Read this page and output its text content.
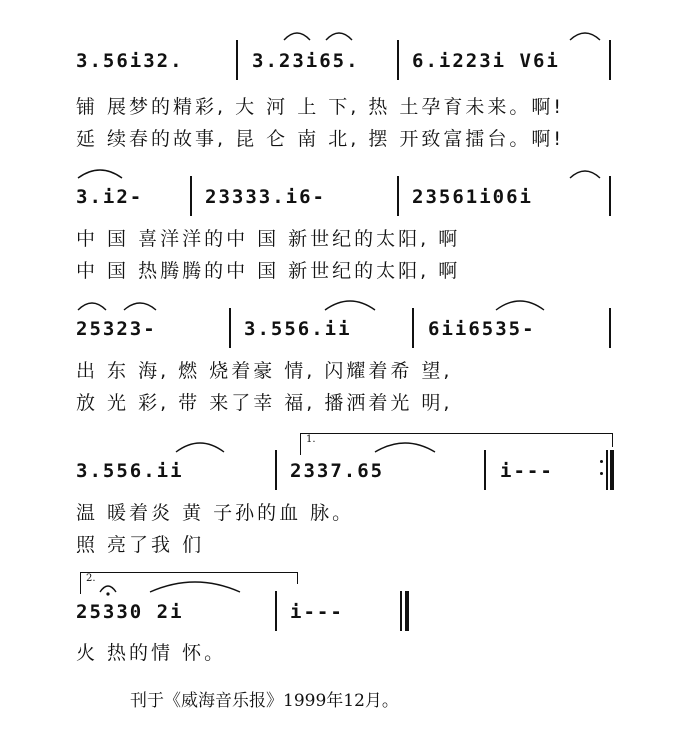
3.56i32.	3.23i65.	6.i223i V6i
铺 展梦的精彩, 大 河 上 下, 热 土孕育未来。啊!
延 续春的故事, 昆 仑 南 北, 摆 开致富擂台。啊!
3.i2-	23333.i6-	23561i06i
中 国 喜洋洋的中 国 新世纪的太阳, 啊
中 国 热腾腾的中 国 新世纪的太阳, 啊
25323-	3.556.ii	6ii6535-
出 东 海, 燃 烧着豪 情, 闪耀着希 望,
放 光 彩, 带 来了幸 福, 播洒着光 明,
1.
3.556.ii	2337.65	i---
温 暖着炎 黄 子孙的血 脉。
照 亮了我 们
2.
25330 2i	i---
火 热的情 怀。
刊于《威海音乐报》1999年12月。
